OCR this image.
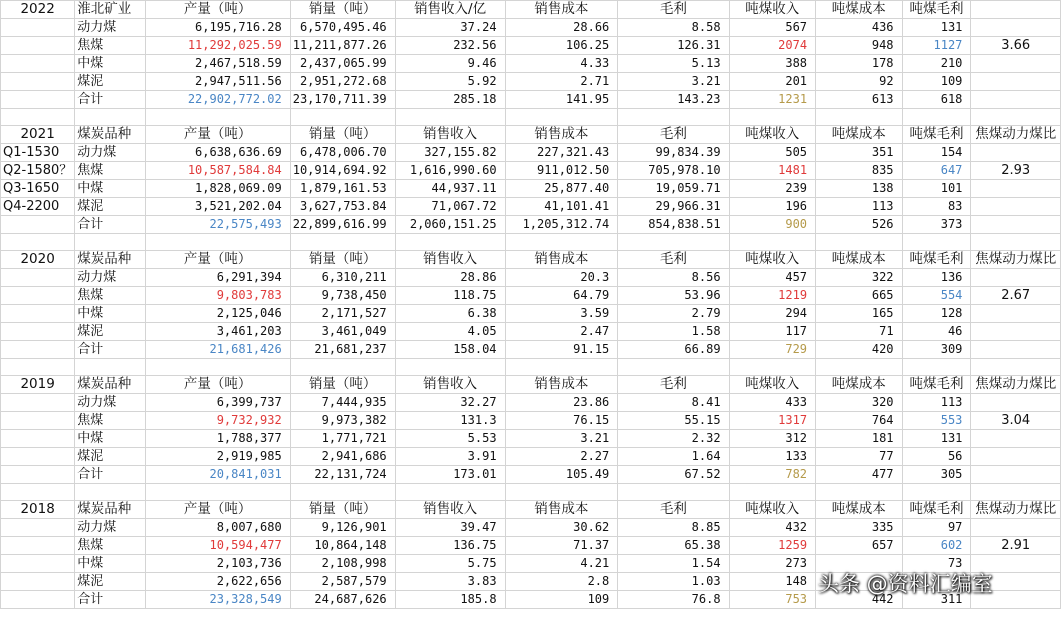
2022	淮北矿业	产量（吨）	销量（吨）	销售收入/亿	销售成本	毛利	吨煤收入	吨煤成本	吨煤毛利	
	动力煤	6,195,716.28	6,570,495.46	37.24	28.66	8.58	567	436	131	
	焦煤	11,292,025.59	11,211,877.26	232.56	106.25	126.31	2074	948	1127	3.66
	中煤	2,467,518.59	2,437,065.99	9.46	4.33	5.13	388	178	210	
	煤泥	2,947,511.56	2,951,272.68	5.92	2.71	3.21	201	92	109	
	合计	22,902,772.02	23,170,711.39	285.18	141.95	143.23	1231	613	618	

2021	煤炭品种	产量（吨）	销量（吨）	销售收入	销售成本	毛利	吨煤收入	吨煤成本	吨煤毛利	焦煤动力煤比
Q1-1530	动力煤	6,638,636.69	6,478,006.70	327,155.82	227,321.43	99,834.39	505	351	154	
Q2-1580？	焦煤	10,587,584.84	10,914,694.92	1,616,990.60	911,012.50	705,978.10	1481	835	647	2.93
Q3-1650	中煤	1,828,069.09	1,879,161.53	44,937.11	25,877.40	19,059.71	239	138	101	
Q4-2200	煤泥	3,521,202.04	3,627,753.84	71,067.72	41,101.41	29,966.31	196	113	83	
	合计	22,575,493	22,899,616.99	2,060,151.25	1,205,312.74	854,838.51	900	526	373	

2020	煤炭品种	产量（吨）	销量（吨）	销售收入	销售成本	毛利	吨煤收入	吨煤成本	吨煤毛利	焦煤动力煤比
	动力煤	6,291,394	6,310,211	28.86	20.3	8.56	457	322	136	
	焦煤	9,803,783	9,738,450	118.75	64.79	53.96	1219	665	554	2.67
	中煤	2,125,046	2,171,527	6.38	3.59	2.79	294	165	128	
	煤泥	3,461,203	3,461,049	4.05	2.47	1.58	117	71	46	
	合计	21,681,426	21,681,237	158.04	91.15	66.89	729	420	309	

2019	煤炭品种	产量（吨）	销量（吨）	销售收入	销售成本	毛利	吨煤收入	吨煤成本	吨煤毛利	焦煤动力煤比
	动力煤	6,399,737	7,444,935	32.27	23.86	8.41	433	320	113	
	焦煤	9,732,932	9,973,382	131.3	76.15	55.15	1317	764	553	3.04
	中煤	1,788,377	1,771,721	5.53	3.21	2.32	312	181	131	
	煤泥	2,919,985	2,941,686	3.91	2.27	1.64	133	77	56	
	合计	20,841,031	22,131,724	173.01	105.49	67.52	782	477	305	

2018	煤炭品种	产量（吨）	销量（吨）	销售收入	销售成本	毛利	吨煤收入	吨煤成本	吨煤毛利	焦煤动力煤比
	动力煤	8,007,680	9,126,901	39.47	30.62	8.85	432	335	97	
	焦煤	10,594,477	10,864,148	136.75	71.37	65.38	1259	657	602	2.91
	中煤	2,103,736	2,108,998	5.75	4.21	1.54	273		73	
	煤泥	2,622,656	2,587,579	3.83	2.8	1.03	148			
	合计	23,328,549	24,687,626	185.8	109	76.8	753	442	311	
头条 @资料汇编室
